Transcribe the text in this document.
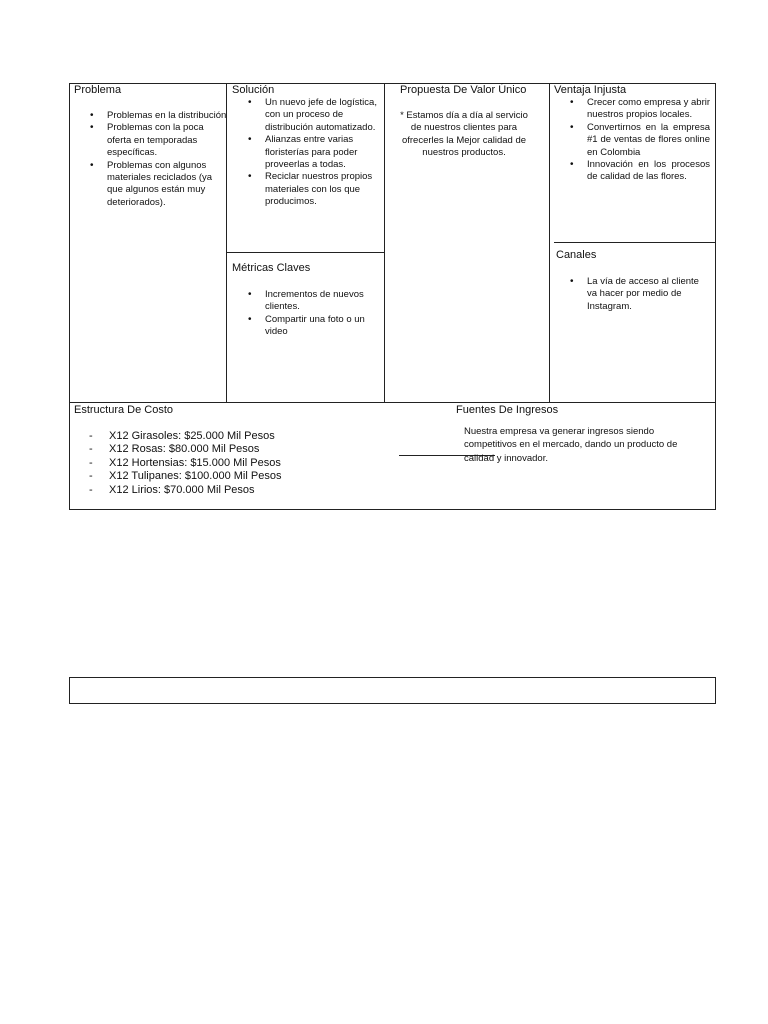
Problema
• Problemas en la distribución
• Problemas con la poca oferta en temporadas específicas.
• Problemas con algunos materiales reciclados (ya que algunos están muy deteriorados).
Solución
• Un nuevo jefe de logística, con un proceso de distribución automatizado.
• Alianzas entre varias floristerías para poder proveerlas a todas.
• Reciclar nuestros propios materiales con los que producimos.
Propuesta De Valor Único
* Estamos día a día al servicio de nuestros clientes para ofrecerles la Mejor calidad de nuestros productos.
Ventaja Injusta
• Crecer como empresa y abrir nuestros propios locales.
• Convertirnos en la empresa #1 de ventas de flores online en Colombia
• Innovación en los procesos de calidad de las flores.
Métricas Claves
• Incrementos de nuevos clientes.
• Compartir una foto o un video
Canales
• La vía de acceso al cliente va hacer por medio de Instagram.
Estructura De Costo
- X12 Girasoles: $25.000 Mil Pesos
- X12 Rosas: $80.000 Mil Pesos
- X12 Hortensias: $15.000 Mil Pesos
- X12 Tulipanes: $100.000 Mil Pesos
- X12 Lirios: $70.000 Mil Pesos
Fuentes De Ingresos
Nuestra empresa va generar ingresos siendo competitivos en el mercado, dando un producto de calidad y innovador.
